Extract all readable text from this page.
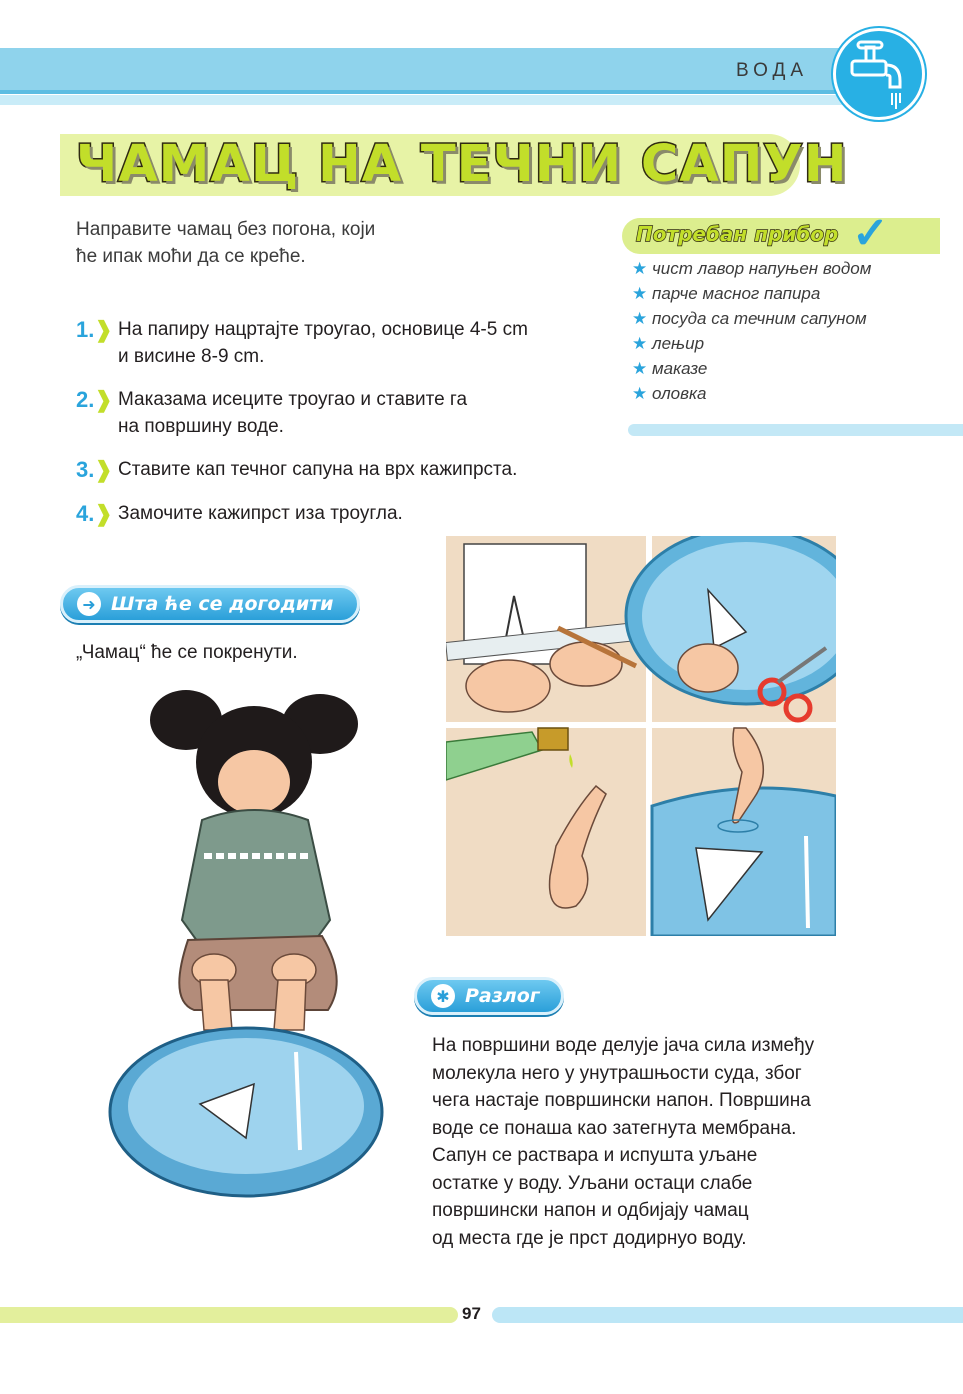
ВОДА
ЧАМАЦ НА ТЕЧНИ САПУН
Направите чамац без погона, који
ће ипак моћи да се креће.
1.❱ На папиру нацртајте троугао, основице 4-5 cm
и висине 8-9 cm.
2.❱ Маказама исеците троугао и ставите га
на површину воде.
3.❱ Ставите кап течног сапуна на врх кажипрста.
4.❱ Замочите кажипрст иза троугла.
Потребан прибор ✓
★ чист лавор напуњен водом
★ парче масног папира
★ посуда са течним сапуном
★ лењир
★ маказе
★ оловка
➜ Шта ће се догодити
„Чамац“ ће се покренути.
✱ Разлог
На површини воде делује јача сила између
молекула него у унутрашњости суда, због
чега настаје површински напон. Површина
воде се понаша као затегнута мембрана.
Сапун се раствара и испушта уљане
остатке у воду. Уљани остаци слабе
површински напон и одбијају чамац
од места где је прст додирнуо воду.
97
